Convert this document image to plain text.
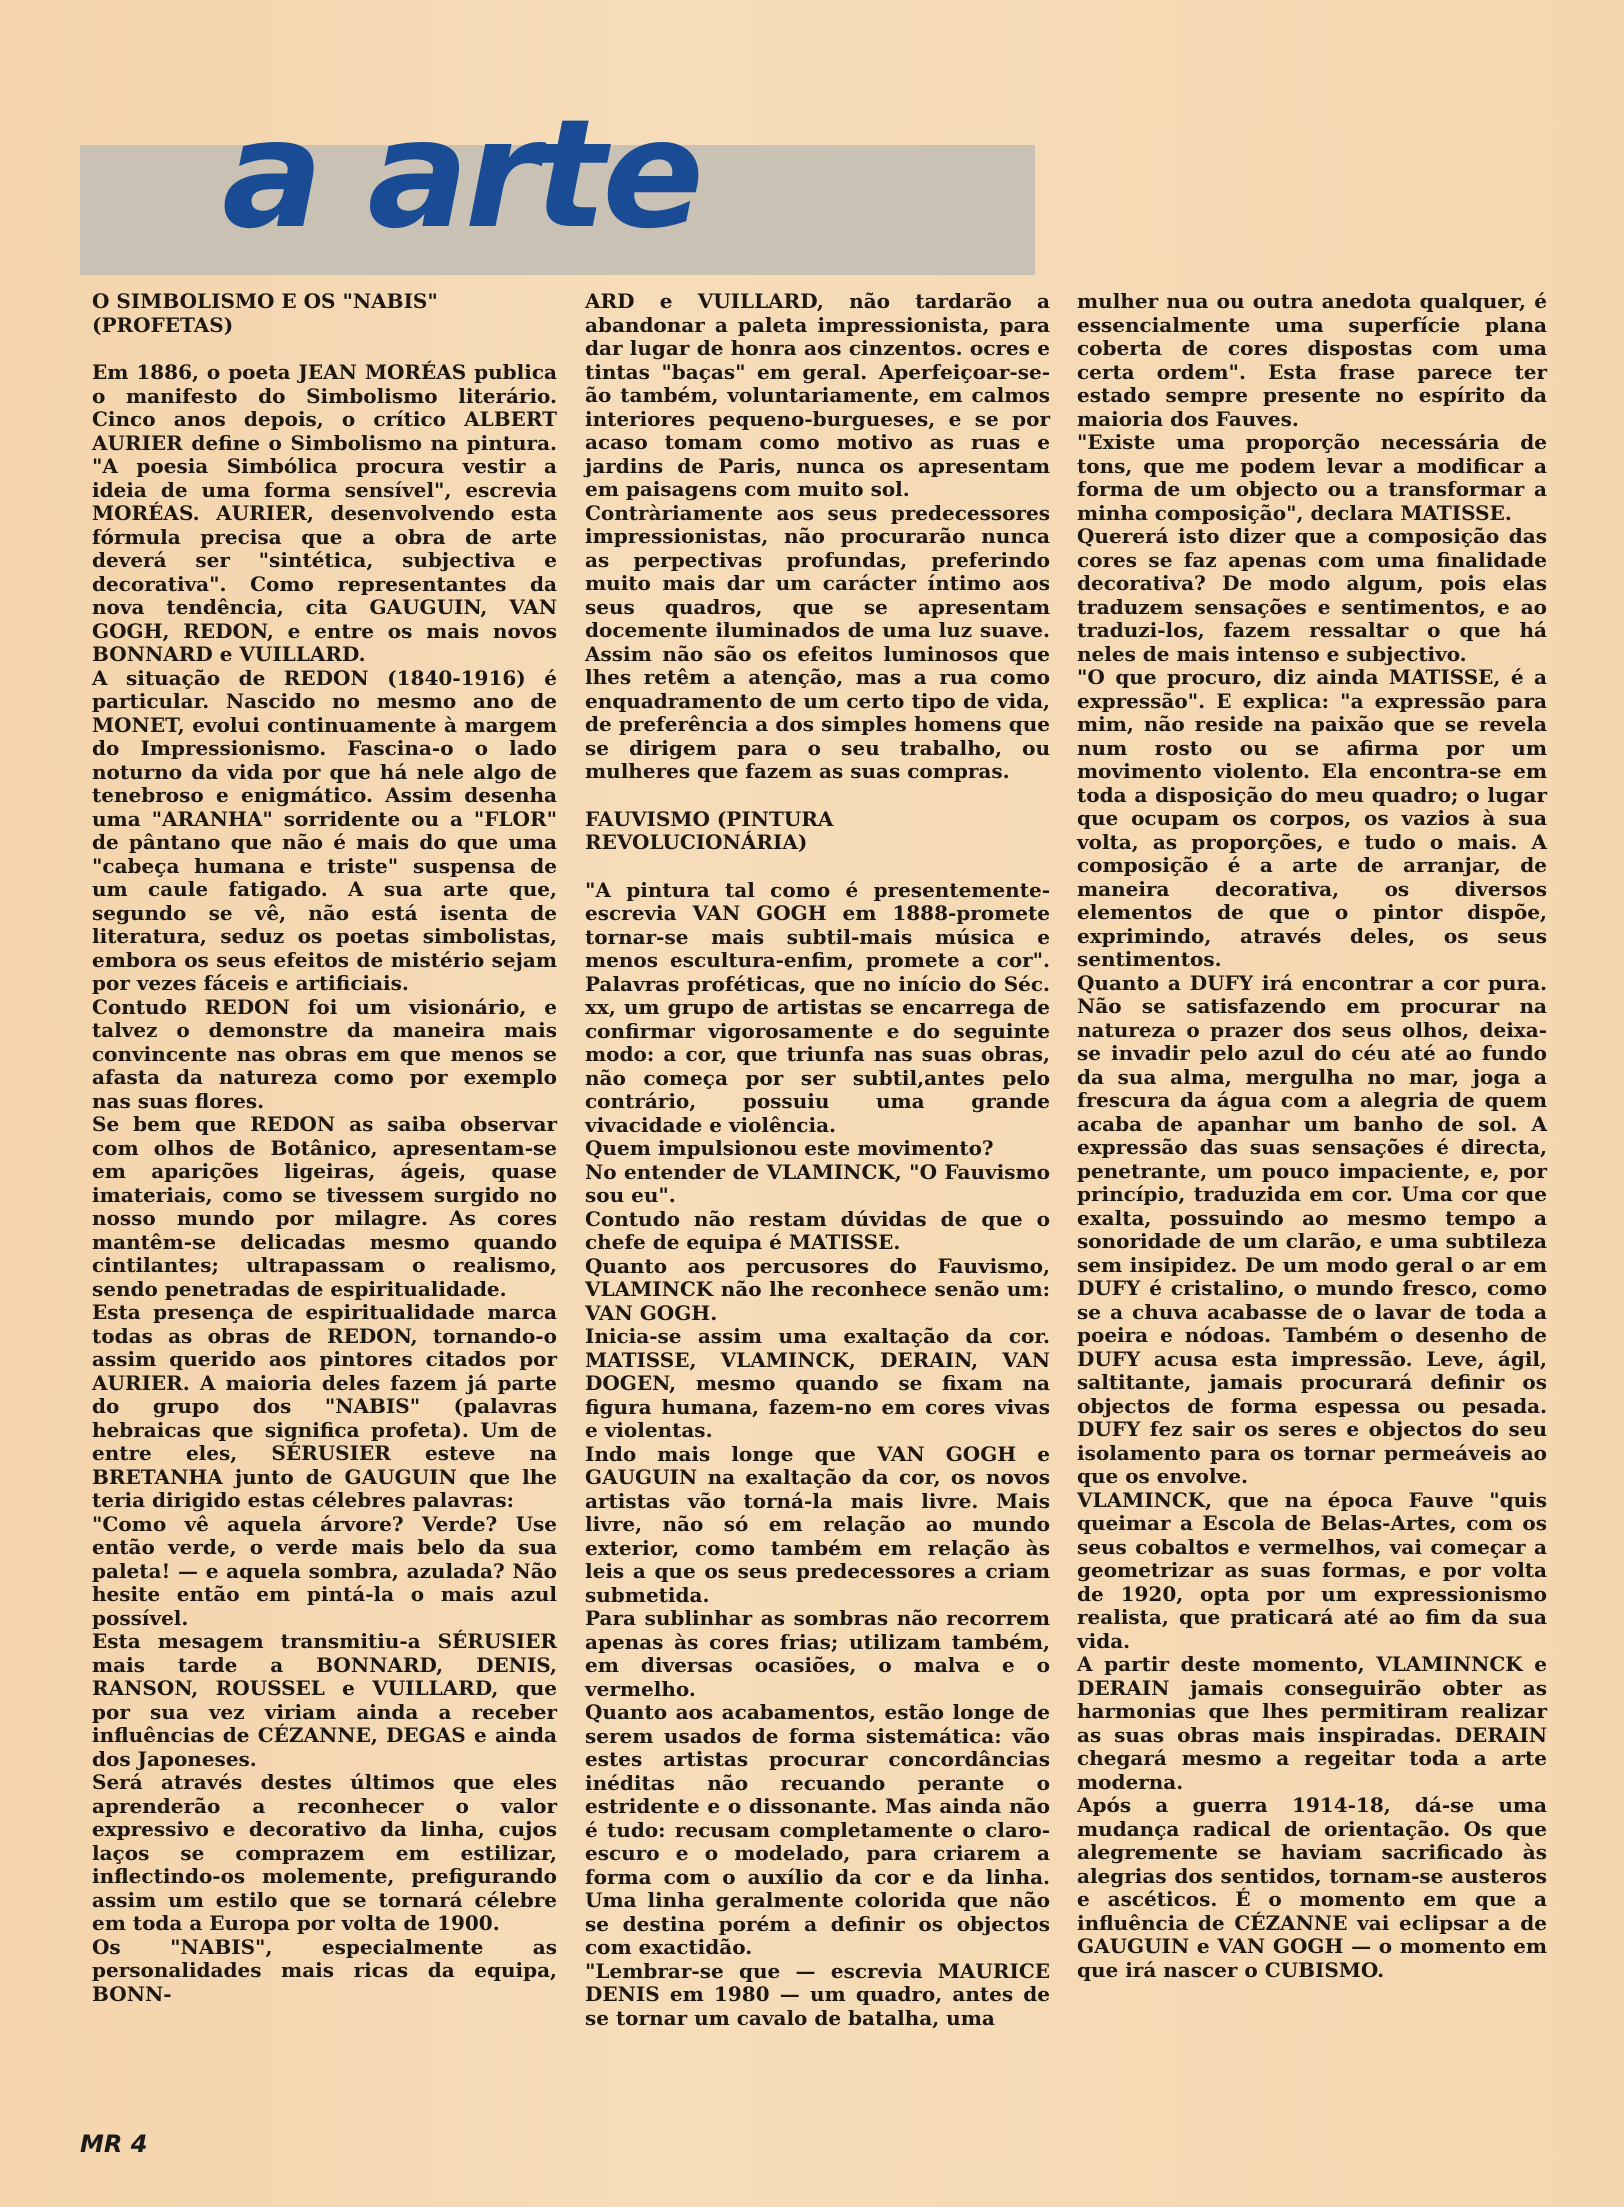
a arte
O SIMBOLISMO E OS "NABIS" (PROFETAS)

Em 1886, o poeta JEAN MORÉAS publica o manifesto do Simbolismo literário. Cinco anos depois, o crítico ALBERT AURIER define o Simbolismo na pintura. "A poesia Simbólica procura vestir a ideia de uma forma sensível", escrevia MORÉAS. AURIER, desenvolvendo esta fórmula precisa que a obra de arte deverá ser "sintética, subjectiva e decorativa". Como representantes da nova tendência, cita GAUGUIN, VAN GOGH, REDON, e entre os mais novos BONNARD e VUILLARD.

A situação de REDON (1840-1916) é particular. Nascido no mesmo ano de MONET, evolui continuamente à margem do Impressionismo. Fascina-o o lado noturno da vida por que há nele algo de tenebroso e enigmático. Assim desenha uma "ARANHA" sorridente ou a "FLOR" de pântano que não é mais do que uma "cabeça humana e triste" suspensa de um caule fatigado. A sua arte que, segundo se vê, não está isenta de literatura, seduz os poetas simbolistas, embora os seus efeitos de mistério sejam por vezes fáceis e artificiais.

Contudo REDON foi um visionário, e talvez o demonstre da maneira mais convincente nas obras em que menos se afasta da natureza como por exemplo nas suas flores.

Se bem que REDON as saiba observar com olhos de Botânico, apresentam-se em aparições ligeiras, ágeis, quase imateriais, como se tivessem surgido no nosso mundo por milagre. As cores mantêm-se delicadas mesmo quando cintilantes; ultrapassam o realismo, sendo penetradas de espiritualidade.

Esta presença de espiritualidade marca todas as obras de REDON, tornando-o assim querido aos pintores citados por AURIER. A maioria deles fazem já parte do grupo dos "NABIS" (palavras hebraicas que significa profeta). Um de entre eles, SÉRUSIER esteve na BRETANHA junto de GAUGUIN que lhe teria dirigido estas célebres palavras:

"Como vê aquela árvore? Verde? Use então verde, o verde mais belo da sua paleta! — e aquela sombra, azulada? Não hesite então em pintá-la o mais azul possível.

Esta mesagem transmitiu-a SÉRUSIER mais tarde a BONNARD, DENIS, RANSON, ROUSSEL e VUILLARD, que por sua vez viriam ainda a receber influências de CÉZANNE, DEGAS e ainda dos Japoneses.

Será através destes últimos que eles aprenderão a reconhecer o valor expressivo e decorativo da linha, cujos laços se comprazem em estilizar, inflectindo-os molemente, prefigurando assim um estilo que se tornará célebre em toda a Europa por volta de 1900.

Os "NABIS", especialmente as personalidades mais ricas da equipa, BONN-

ARD e VUILLARD, não tardarão a abandonar a paleta impressionista, para dar lugar de honra aos cinzentos. ocres e tintas "baças" em geral. Aperfeiçoar-se-ão também, voluntariamente, em calmos interiores pequeno-burgueses, e se por acaso tomam como motivo as ruas e jardins de Paris, nunca os apresentam em paisagens com muito sol.

Contràriamente aos seus predecessores impressionistas, não procurarão nunca as perpectivas profundas, preferindo muito mais dar um carácter íntimo aos seus quadros, que se apresentam docemente iluminados de uma luz suave. Assim não são os efeitos luminosos que lhes retêm a atenção, mas a rua como enquadramento de um certo tipo de vida, de preferência a dos simples homens que se dirigem para o seu trabalho, ou mulheres que fazem as suas compras.

FAUVISMO (PINTURA REVOLUCIONÁRIA)

"A pintura tal como é presentemente-escrevia VAN GOGH em 1888-promete tornar-se mais subtil-mais música e menos escultura-enfim, promete a cor". Palavras proféticas, que no início do Séc. xx, um grupo de artistas se encarrega de confirmar vigorosamente e do seguinte modo: a cor, que triunfa nas suas obras, não começa por ser subtil,antes pelo contrário, possuiu uma grande vivacidade e violência.

Quem impulsionou este movimento?

No entender de VLAMINCK, "O Fauvismo sou eu".

Contudo não restam dúvidas de que o chefe de equipa é MATISSE.

Quanto aos percusores do Fauvismo, VLAMINCK não lhe reconhece senão um: VAN GOGH.

Inicia-se assim uma exaltação da cor. MATISSE, VLAMINCK, DERAIN, VAN DOGEN, mesmo quando se fixam na figura humana, fazem-no em cores vivas e violentas.

Indo mais longe que VAN GOGH e GAUGUIN na exaltação da cor, os novos artistas vão torná-la mais livre. Mais livre, não só em relação ao mundo exterior, como também em relação às leis a que os seus predecessores a criam submetida.

Para sublinhar as sombras não recorrem apenas às cores frias; utilizam também, em diversas ocasiões, o malva e o vermelho.

Quanto aos acabamentos, estão longe de serem usados de forma sistemática: vão estes artistas procurar concordâncias inéditas não recuando perante o estridente e o dissonante. Mas ainda não é tudo: recusam completamente o claro-escuro e o modelado, para criarem a forma com o auxílio da cor e da linha. Uma linha geralmente colorida que não se destina porém a definir os objectos com exactidão.

"Lembrar-se que — escrevia MAURICE DENIS em 1980 — um quadro, antes de se tornar um cavalo de batalha, uma

mulher nua ou outra anedota qualquer, é essencialmente uma superfície plana coberta de cores dispostas com uma certa ordem". Esta frase parece ter estado sempre presente no espírito da maioria dos Fauves.

"Existe uma proporção necessária de tons, que me podem levar a modificar a forma de um objecto ou a transformar a minha composição", declara MATISSE.

Quererá isto dizer que a composição das cores se faz apenas com uma finalidade decorativa? De modo algum, pois elas traduzem sensações e sentimentos, e ao traduzi-los, fazem ressaltar o que há neles de mais intenso e subjectivo.

"O que procuro, diz ainda MATISSE, é a expressão". E explica: "a expressão para mim, não reside na paixão que se revela num rosto ou se afirma por um movimento violento. Ela encontra-se em toda a disposição do meu quadro; o lugar que ocupam os corpos, os vazios à sua volta, as proporções, e tudo o mais. A composição é a arte de arranjar, de maneira decorativa, os diversos elementos de que o pintor dispõe, exprimindo, através deles, os seus sentimentos.

Quanto a DUFY irá encontrar a cor pura. Não se satisfazendo em procurar na natureza o prazer dos seus olhos, deixa-se invadir pelo azul do céu até ao fundo da sua alma, mergulha no mar, joga a frescura da água com a alegria de quem acaba de apanhar um banho de sol. A expressão das suas sensações é directa, penetrante, um pouco impaciente, e, por princípio, traduzida em cor. Uma cor que exalta, possuindo ao mesmo tempo a sonoridade de um clarão, e uma subtileza sem insipidez. De um modo geral o ar em DUFY é cristalino, o mundo fresco, como se a chuva acabasse de o lavar de toda a poeira e nódoas. Também o desenho de DUFY acusa esta impressão. Leve, ágil, saltitante, jamais procurará definir os objectos de forma espessa ou pesada. DUFY fez sair os seres e objectos do seu isolamento para os tornar permeáveis ao que os envolve.

VLAMINCK, que na época Fauve "quis queimar a Escola de Belas-Artes, com os seus cobaltos e vermelhos, vai começar a geometrizar as suas formas, e por volta de 1920, opta por um expressionismo realista, que praticará até ao fim da sua vida.

A partir deste momento, VLAMINNCK e DERAIN jamais conseguirão obter as harmonias que lhes permitiram realizar as suas obras mais inspiradas. DERAIN chegará mesmo a regeitar toda a arte moderna.

Após a guerra 1914-18, dá-se uma mudança radical de orientação. Os que alegremente se haviam sacrificado às alegrias dos sentidos, tornam-se austeros e ascéticos. É o momento em que a influência de CÉZANNE vai eclipsar a de GAUGUIN e VAN GOGH — o momento em que irá nascer o CUBISMO.

MR 4
